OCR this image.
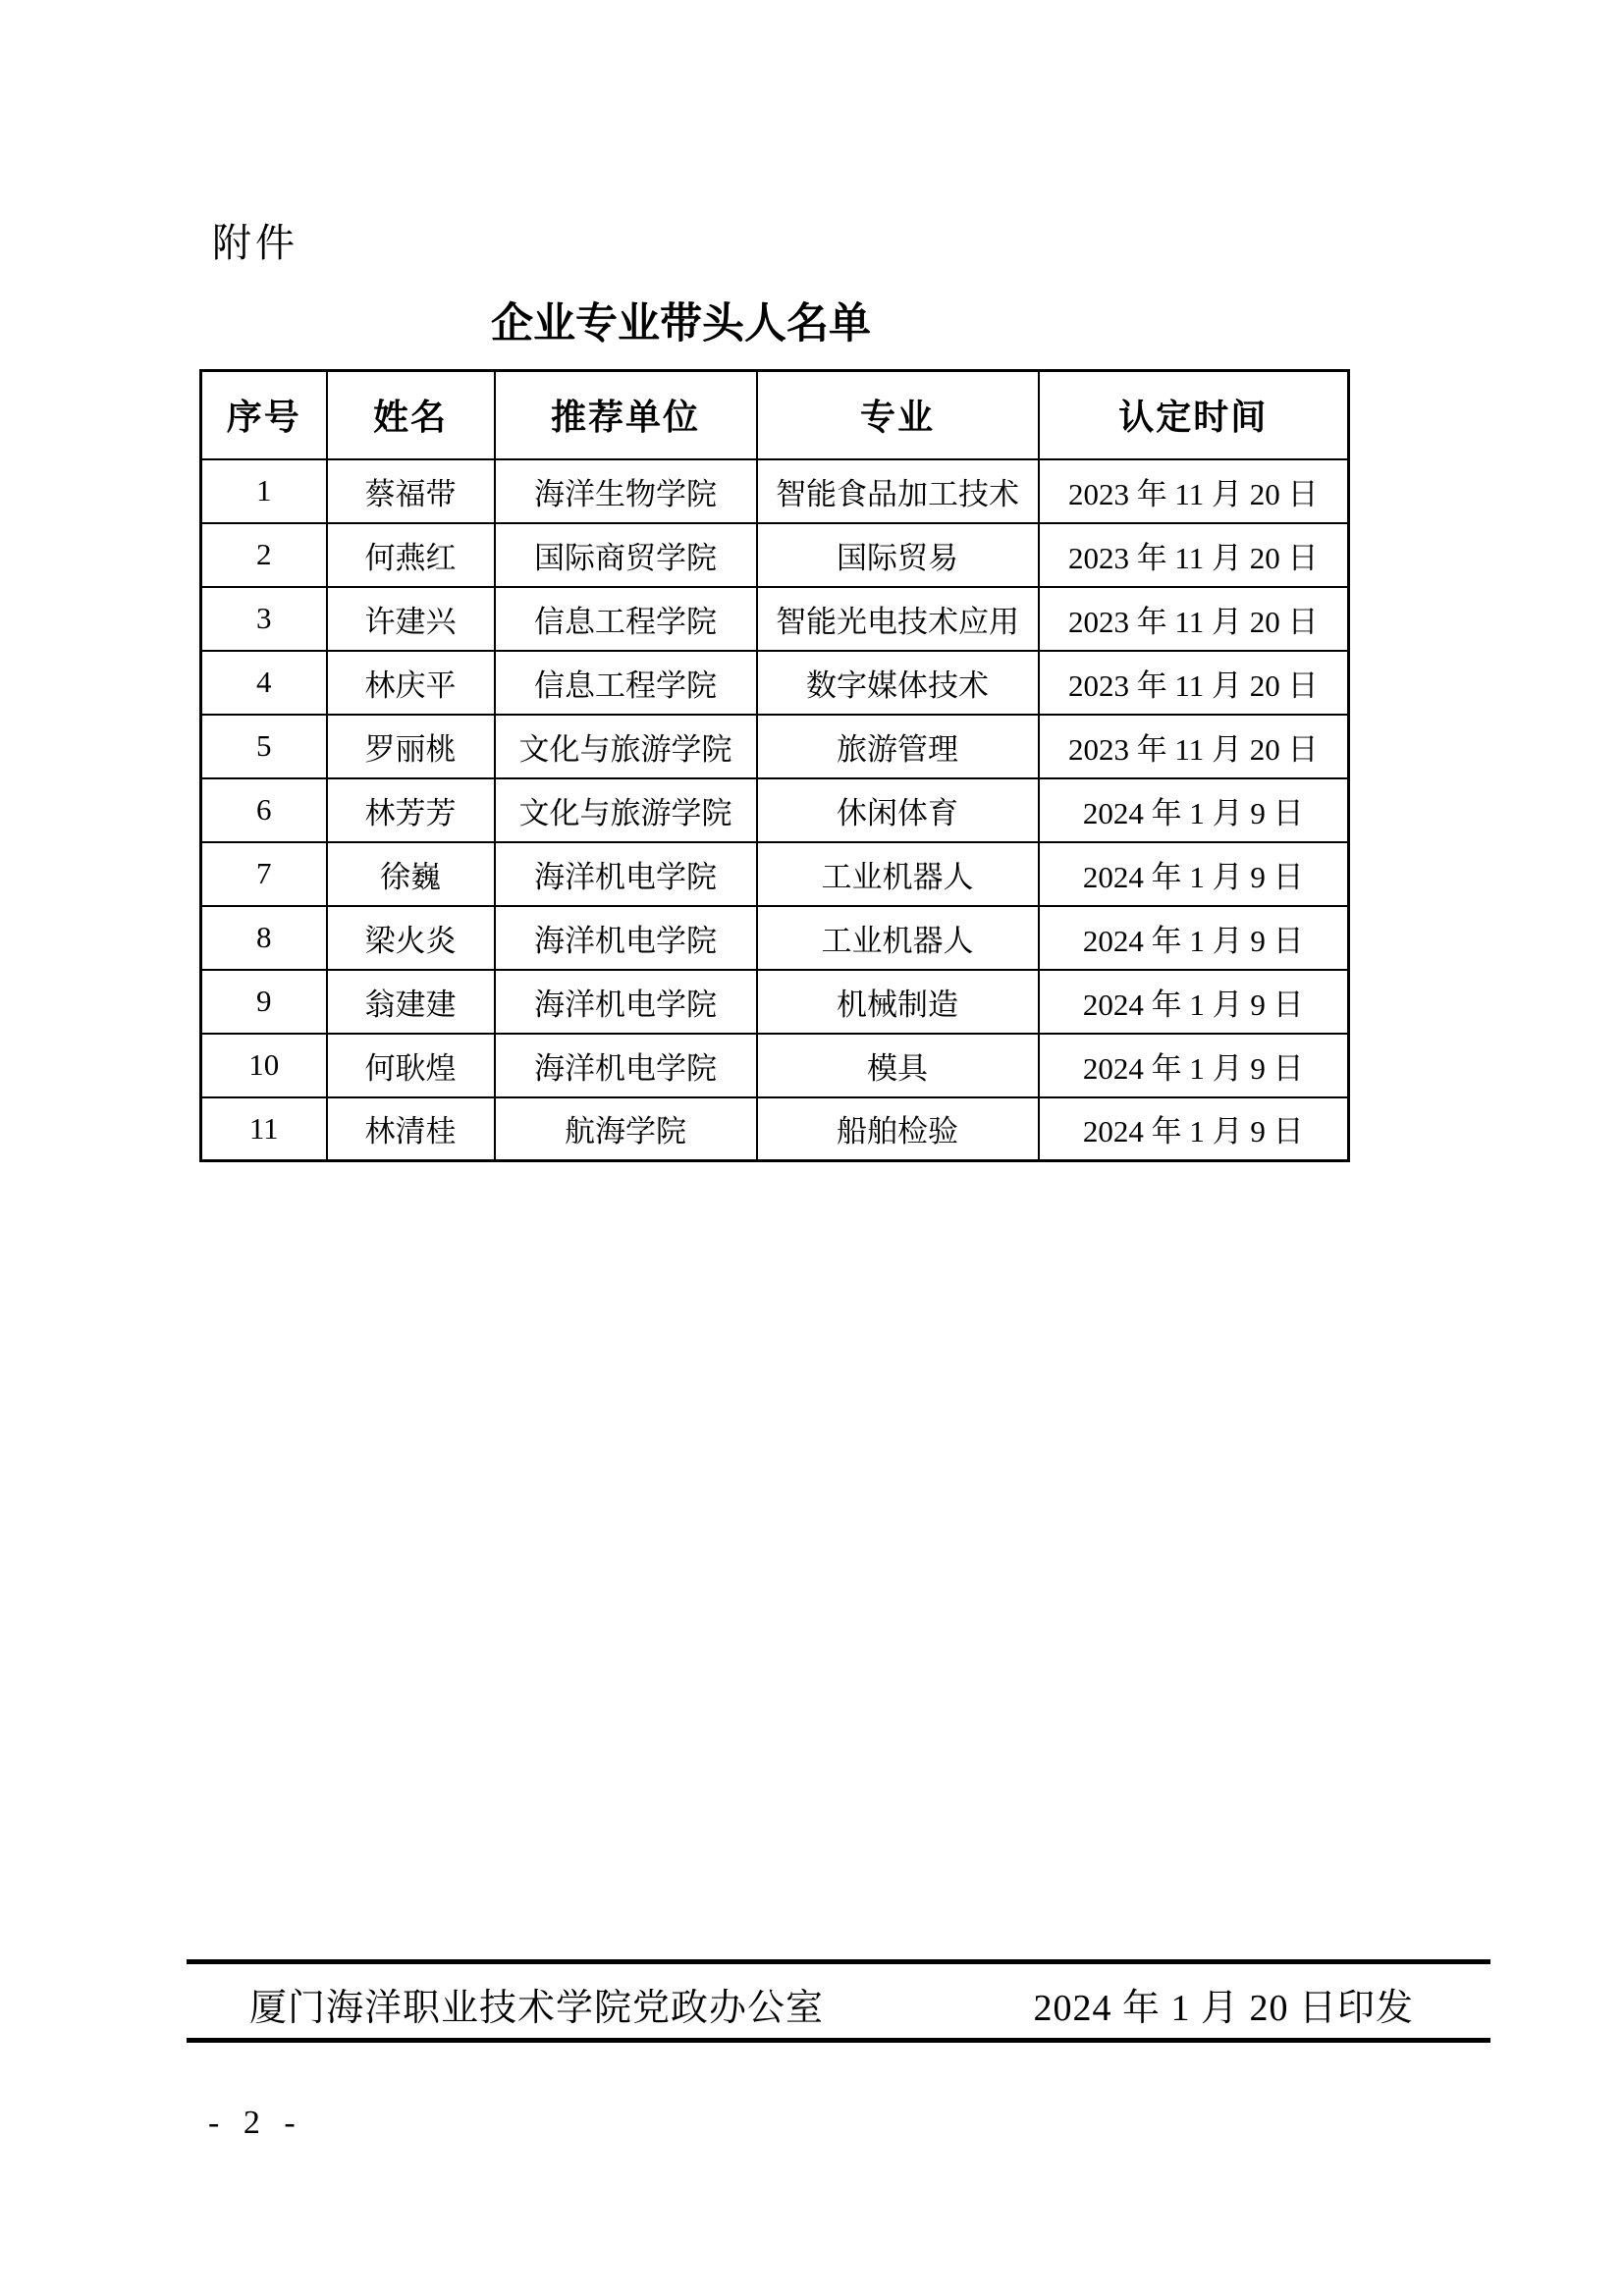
附件
企业专业带头人名单
序号	姓名	推荐单位	专业	认定时间
1	蔡福带	海洋生物学院	智能食品加工技术	2023 年 11 月 20 日
2	何燕红	国际商贸学院	国际贸易	2023 年 11 月 20 日
3	许建兴	信息工程学院	智能光电技术应用	2023 年 11 月 20 日
4	林庆平	信息工程学院	数字媒体技术	2023 年 11 月 20 日
5	罗丽桃	文化与旅游学院	旅游管理	2023 年 11 月 20 日
6	林芳芳	文化与旅游学院	休闲体育	2024 年 1 月 9 日
7	徐巍	海洋机电学院	工业机器人	2024 年 1 月 9 日
8	梁火炎	海洋机电学院	工业机器人	2024 年 1 月 9 日
9	翁建建	海洋机电学院	机械制造	2024 年 1 月 9 日
10	何耿煌	海洋机电学院	模具	2024 年 1 月 9 日
11	林清桂	航海学院	船舶检验	2024 年 1 月 9 日
厦门海洋职业技术学院党政办公室	2024 年 1 月 20 日印发
- 2 -
